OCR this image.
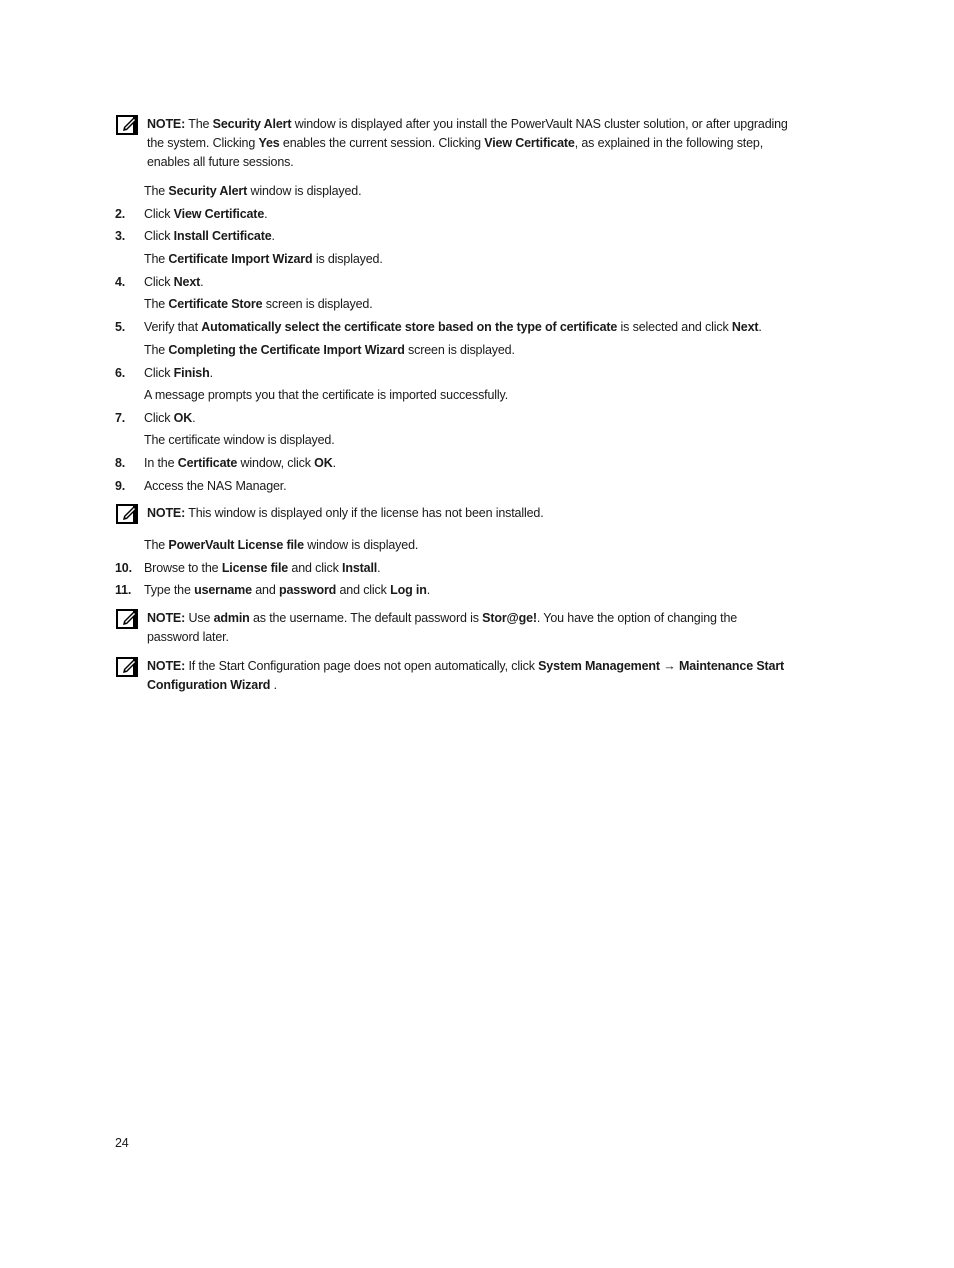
NOTE: The Security Alert window is displayed after you install the PowerVault NAS cluster solution, or after upgrading the system. Clicking Yes enables the current session. Clicking View Certificate, as explained in the following step, enables all future sessions.
The Security Alert window is displayed.
2. Click View Certificate.
3. Click Install Certificate.
The Certificate Import Wizard is displayed.
4. Click Next.
The Certificate Store screen is displayed.
5. Verify that Automatically select the certificate store based on the type of certificate is selected and click Next.
The Completing the Certificate Import Wizard screen is displayed.
6. Click Finish.
A message prompts you that the certificate is imported successfully.
7. Click OK.
The certificate window is displayed.
8. In the Certificate window, click OK.
9. Access the NAS Manager.
NOTE: This window is displayed only if the license has not been installed.
The PowerVault License file window is displayed.
10. Browse to the License file and click Install.
11. Type the username and password and click Log in.
NOTE: Use admin as the username. The default password is Stor@ge!. You have the option of changing the password later.
NOTE: If the Start Configuration page does not open automatically, click System Management → Maintenance Start Configuration Wizard .
24
